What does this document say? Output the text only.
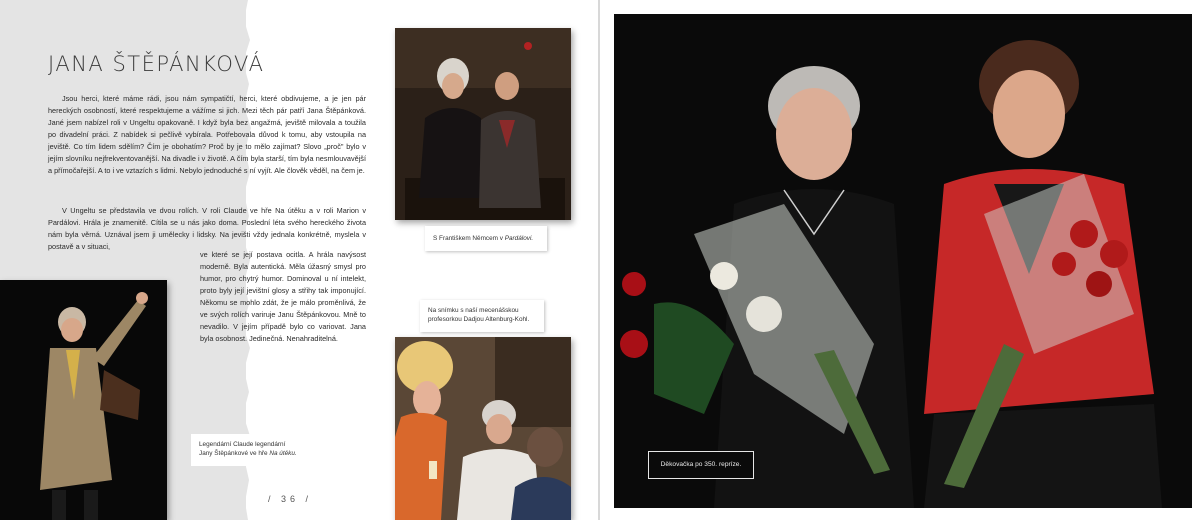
JANA ŠTĚPÁNKOVÁ

Jsou herci, které máme rádi, jsou nám sympatičtí, herci, které obdivujeme, a je jen pár hereckých osobností, které respektujeme a vážíme si jich. Mezi těch pár patří Jana Štěpánková. Jané jsem nabízel roli v Ungeltu opakovaně. I když byla bez angažmá, jeviště milovala a toužila po divadelní práci. Z nabídek si pečlivě vybírala. Potřebovala důvod k tomu, aby vstoupila na jeviště. Co tím lidem sdělím? Čím je obohatím? Proč by je to mělo zajímat? Slovo „proč" bylo v jejím slovníku nejfrekventovanější. Na divadle i v životě. A čím byla starší, tím byla nesmlouvavější a přímočařejší. A to i ve vztazích s lidmi. Nebylo jednoduché s ní vyjít. Ale člověk věděl, na čem je.

V Ungeltu se představila ve dvou rolích. V roli Claude ve hře Na útěku a v roli Marion v Pardálovi. Hrála je znamenitě. Cítila se u nás jako doma. Poslední léta svého hereckého života nám byla věrná. Uznával jsem ji umělecky i lidsky. Na jevišti vždy jednala konkrétně, myslela v postavě a v situaci,

ve které se její postava ocitla. A hrála navýsost moderně. Byla autentická. Měla úžasný smysl pro humor, pro chytrý humor. Dominoval u ní intelekt, proto byly její jevištní glosy a střihy tak imponující. Někomu se mohlo zdát, že je málo proměnlivá, že ve svých rolích variruje Janu Štěpánkovou. Mně to nevadilo. V jejím případě bylo co variovat. Jana byla osobnost. Jedinečná. Nenahraditelná.

S Františkem Němcem v Pardálovi.
Na snímku s naší mecenášskou profesorkou Dadjou Altenburg-Kohl.
Legendární Claude legendární Jany Štěpánkové ve hře Na útěku.
/ 36 /
Děkovačka po 350. repríze.
